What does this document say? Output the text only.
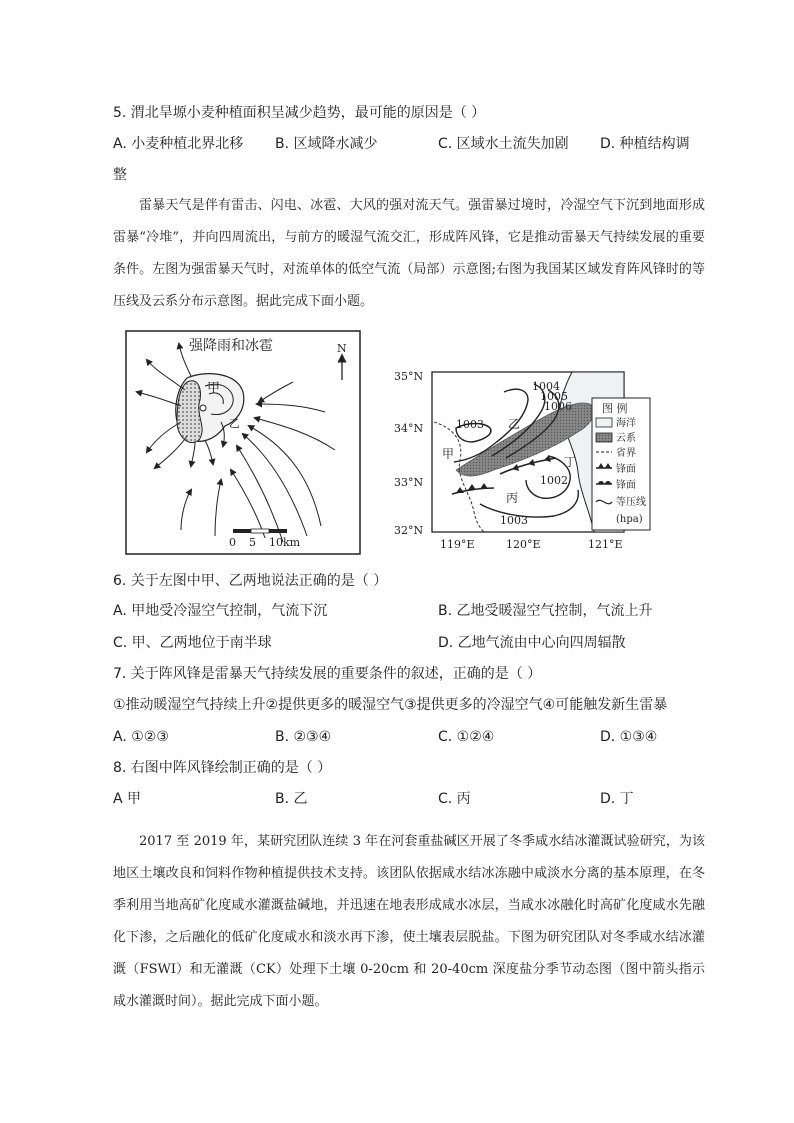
5. 渭北旱塬小麦种植面积呈减少趋势，最可能的原因是（ ）
A. 小麦种植北界北移 B. 区域降水减少	C. 区域水土流失加剧 D. 种植结构调
整
雷暴天气是伴有雷击、闪电、冰雹、大风的强对流天气。强雷暴过境时，冷湿空气下沉到地面形成雷暴“冷堆”，并向四周流出，与前方的暖湿气流交汇，形成阵风锋，它是推动雷暴天气持续发展的重要条件。左图为强雷暴天气时，对流单体的低空气流（局部）示意图;右图为我国某区域发育阵风锋时的等压线及云系分布示意图。据此完成下面小题。
甲
乙
强降雨和冰雹	N
0 5 10km
35°N
34°N
33°N
32°N
119°E	120°E	121°E
1004
1005
1006
1003
1002
1003
甲
乙
丙
丁
图 例
海洋
云系
省界
锋面
锋面
等压线
(hpa)
6. 关于左图中甲、乙两地说法正确的是（ ）
A. 甲地受冷湿空气控制，气流下沉	B. 乙地受暖湿空气控制，气流上升
C. 甲、乙两地位于南半球	D. 乙地气流由中心向四周辐散
7. 关于阵风锋是雷暴天气持续发展的重要条件的叙述，正确的是（ ）
①推动暖湿空气持续上升②提供更多的暖湿空气③提供更多的冷湿空气④可能触发新生雷暴
A. ①②③	B. ②③④	C. ①②④	D. ①③④
8. 右图中阵风锋绘制正确的是（ ）
A 甲	B. 乙	C. 丙	D. 丁
2017 至 2019 年，某研究团队连续 3 年在河套重盐碱区开展了冬季咸水结冰灌溉试验研究，为该地区土壤改良和饲料作物种植提供技术支持。该团队依据咸水结冰冻融中咸淡水分离的基本原理，在冬季利用当地高矿化度咸水灌溉盐碱地，并迅速在地表形成咸水冰层，当咸水冰融化时高矿化度咸水先融化下渗，之后融化的低矿化度咸水和淡水再下渗，使土壤表层脱盐。下图为研究团队对冬季咸水结冰灌溉（FSWI）和无灌溉（CK）处理下土壤 0-20cm 和 20-40cm 深度盐分季节动态图（图中箭头指示咸水灌溉时间）。据此完成下面小题。
